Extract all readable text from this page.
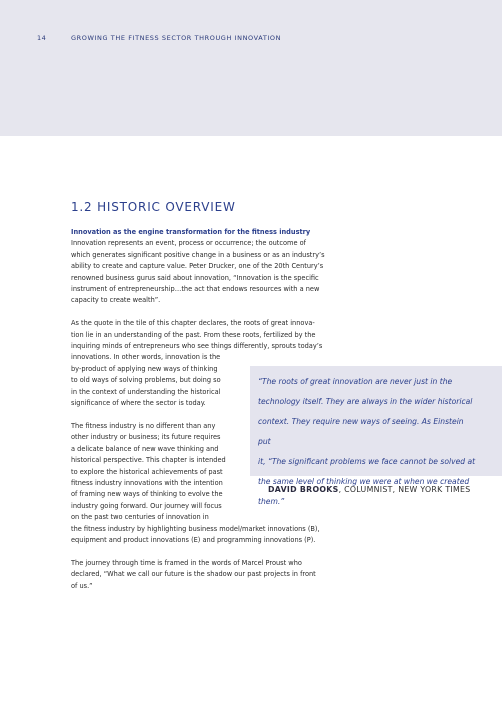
14	GROWING THE FITNESS SECTOR THROUGH INNOVATION
1.2 HISTORIC OVERVIEW
“The roots of great innovation are never just in the
technology itself. They are always in the wider historical
context. They require new ways of seeing. As Einstein put
it, “The significant problems we face cannot be solved at
the same level of thinking we were at when we created
them.”
DAVID BROOKS, COLUMNIST, NEW YORK TIMES
Innovation as the engine transformation for the fitness industry

Innovation represents an event, process or occurrence; the outcome of
which generates significant positive change in a business or as an industry’s
ability to create and capture value. Peter Drucker, one of the 20th Century’s
renowned business gurus said about innovation, “Innovation is the specific
instrument of entrepreneurship…the act that endows resources with a new
capacity to create wealth”.

As the quote in the tile of this chapter declares, the roots of great innova-
tion lie in an understanding of the past. From these roots, fertilized by the
inquiring minds of entrepreneurs who see things differently, sprouts today’s
innovations. In other words, innovation is the
by-product of applying new ways of thinking
to old ways of solving problems, but doing so
in the context of understanding the historical
significance of where the sector is today.

The fitness industry is no different than any
other industry or business; its future requires
a delicate balance of new wave thinking and
historical perspective. This chapter is intended
to explore the historical achievements of past
fitness industry innovations with the intention
of framing new ways of thinking to evolve the
industry going forward. Our journey will focus
on the past two centuries of innovation in
the fitness industry by highlighting business model/market innovations (B),
equipment and product innovations (E) and programming innovations (P).

The journey through time is framed in the words of Marcel Proust who
declared, “What we call our future is the shadow our past projects in front
of us.”
